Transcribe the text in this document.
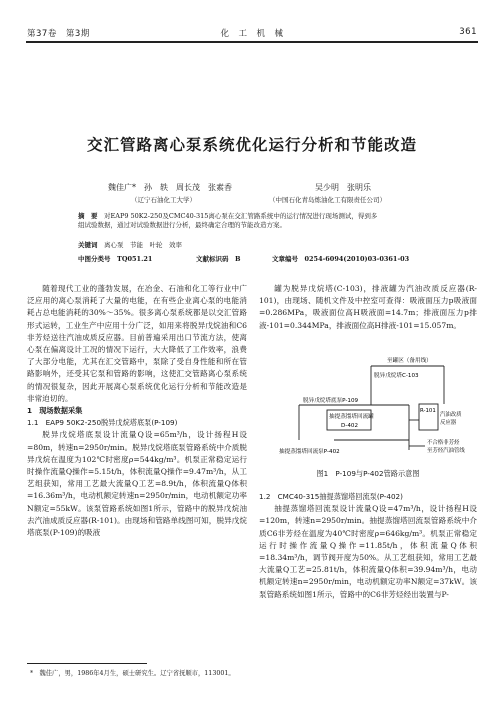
第37卷　第3期	化　工　机　械	361
交汇管路离心泵系统优化运行分析和节能改造
魏佳广*　孙　轶　周长茂　张素香
（辽宁石油化工大学）
吴少明　张明乐
（中国石化青岛炼油化工有限责任公司）
摘　要　 对EAP9 50K2-250及CMC40-315离心泵在交汇管路系统中的运行情况进行现场测试，得到多
组试验数据，通过对试验数据进行分析，最终确定合理的节能改造方案。
关键词　 离心泵　节能　叶轮　效率
中图分类号　TQ051.21	文献标识码　B	文章编号　0254-6094(2010)03-0361-03

随着现代工业的蓬勃发展，在冶金、石油和化工等行业中广泛应用的离心泵消耗了大量的电能，在有些企业离心泵的电能消耗占总电能消耗的30%～35%。很多离心泵系统都是以交汇管路形式运转，工业生产中应用十分广泛，如用来将脱异戊烷油和C6非芳烃送往汽油成质反应器。目前普遍采用出口节流方法，使离心泵在偏离设计工况的情况下运行，大大降低了工作效率，浪费了大部分电能，尤其在汇交管路中，泵除了受自身性能和所在管路影响外，还受其它泵和管路的影响，这使汇交管路离心泵系统的情况很复杂，因此开展离心泵系统优化运行分析和节能改造是非常迫切的。

1　现场数据采集

1.1　EAP9 50K2-250脱异戊烷塔底泵(P-109)

脱异戊烷塔底泵设计流量Q设=65m³/h，设计扬程H设=80m，转速n=2950r/min。脱异戊烷塔底泵管路系统中介质脱异戊烷在温度为102℃时密度ρ=544kg/m³。机泵正常稳定运行时操作流量Q操作=5.15t/h，体积流量Q操作=9.47m³/h，从工艺组获知，常用工艺最大流量Q工艺=8.9t/h，体积流量Q体积=16.36m³/h，电动机额定转速n=2950r/min，电动机额定功率N额定=55kW。该泵管路系统如图1所示，管路中的脱异戊烷油去汽油成质反应器(R-101)。由现场和管路单线图可知，脱异戊烷塔底泵(P-109)的吸液

罐为脱异戊烷塔(C-103)，排液罐为汽油改质反应器(R-101)，由现场、随机文件及中控室可查得：吸液面压力p吸液面=0.286MPa，吸液面位高H吸液面=14.7m；排液面压力p排液-101=0.344MPa，排液面位高H排液-101=15.057m。

至罐区（备用线）
脱异戊烷塔C-103
脱异戊烷塔底泵P-109
抽提蒸馏塔回流罐
D-402
抽提蒸馏塔回流泵P-402
R-101
汽油改质
反应器
不合格非芳烃
至芳烃汽油管线
图1　P-109与P-402管路示意图

1.2　CMC40-315抽提蒸馏塔回流泵(P-402)

抽提蒸馏塔回流泵设计流量Q设=47m³/h，设计扬程H设=120m，转速n=2950r/min。抽提蒸馏塔回流泵管路系统中介质C6非芳烃在温度为40℃时密度ρ=646kg/m³。机泵正常稳定运行时操作流量Q操作=11.85t/h，体积流量Q体积=18.34m³/h，调节阀开度为50%。从工艺组获知，常用工艺最大流量Q工艺=25.81t/h，体积流量Q体积=39.94m³/h，电动机额定转速n=2950r/min，电动机额定功率N额定=37kW。该泵管路系统如图1所示，管路中的C6非芳烃经出装置与P-

*　魏佳广，男，1986年4月生，硕士研究生。辽宁省抚顺市，113001。
